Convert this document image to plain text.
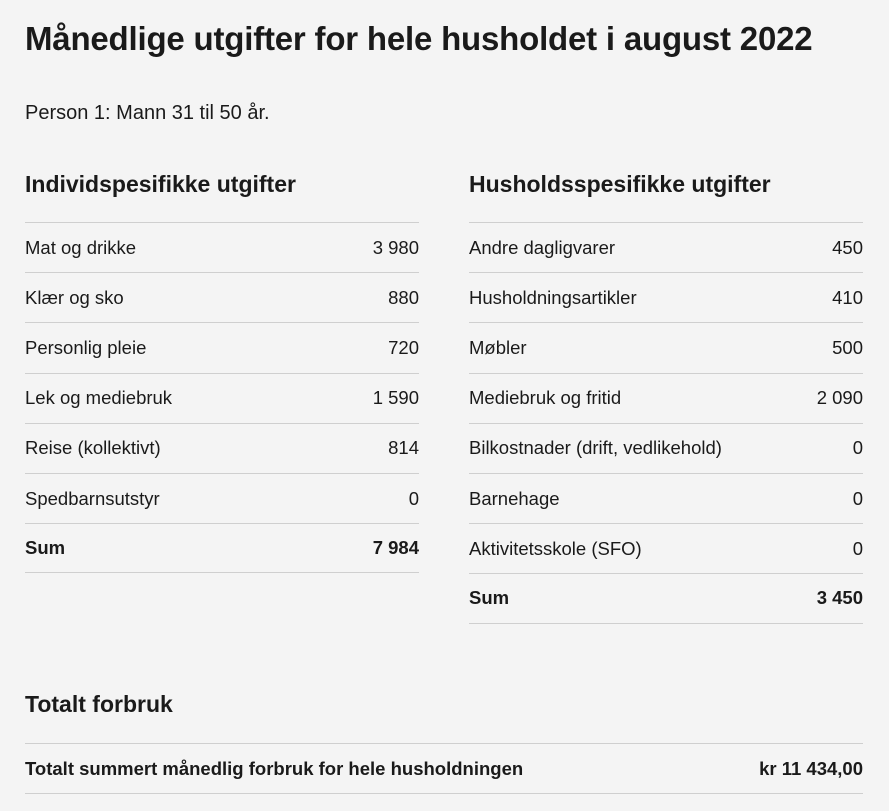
Månedlige utgifter for hele husholdet i august 2022

Person 1: Mann 31 til 50 år.

Individspesifikke utgifter
Mat og drikke	3 980
Klær og sko	880
Personlig pleie	720
Lek og mediebruk	1 590
Reise (kollektivt)	814
Spedbarnsutstyr	0
Sum	7 984
Husholdsspesifikke utgifter
Andre dagligvarer	450
Husholdningsartikler	410
Møbler	500
Mediebruk og fritid	2 090
Bilkostnader (drift, vedlikehold)	0
Barnehage	0
Aktivitetsskole (SFO)	0
Sum	3 450
Totalt forbruk
Totalt summert månedlig forbruk for hele husholdningen	kr 11 434,00
